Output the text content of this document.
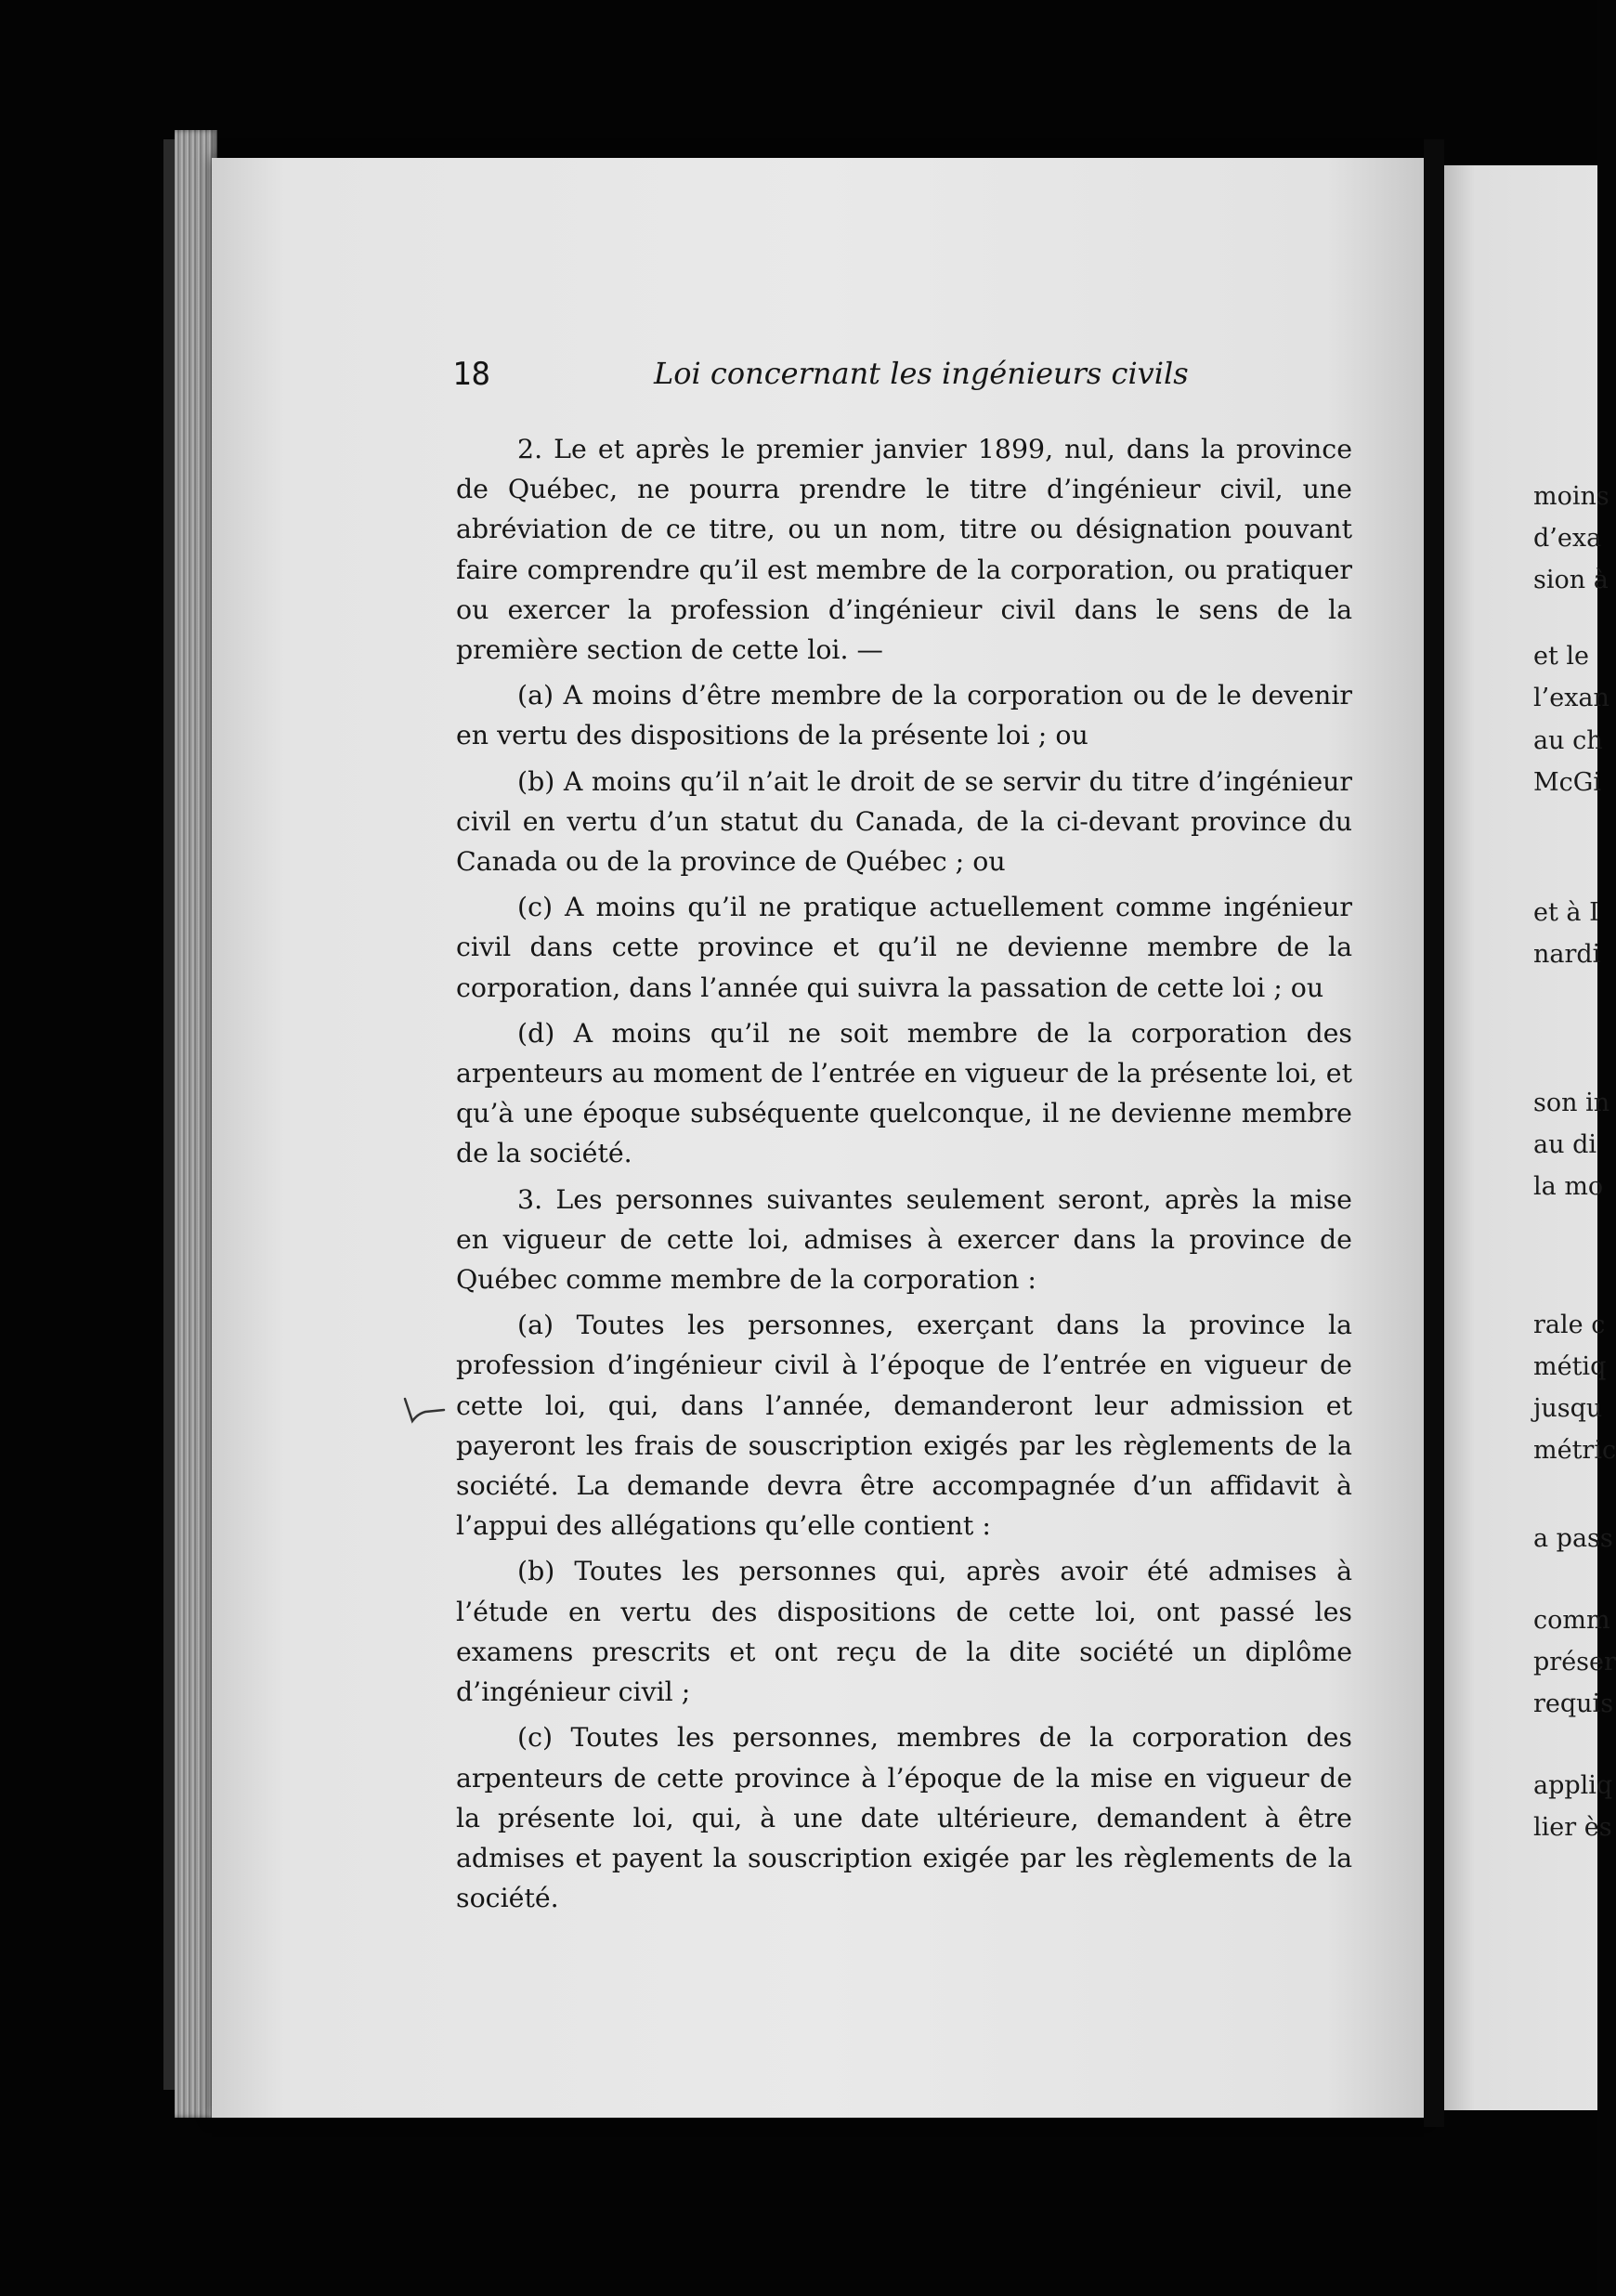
moins
d’exa
sion à
et le
l’exan
au ch
McGi
et à I
nardi
son in
au di
la mo
rale c
métiq
jusqu
métric
a pass
comm
préser
requis
appliq
lier ès
18	Loi concernant les ingénieurs civils

2. Le et après le premier janvier 1899, nul, dans la province de Québec, ne pourra prendre le titre d’ingénieur civil, une abréviation de ce titre, ou un nom, titre ou désignation pouvant faire comprendre qu’il est membre de la corporation, ou pratiquer ou exercer la profession d’ingénieur civil dans le sens de la première section de cette loi. —

(a) A moins d’être membre de la corporation ou de le devenir en vertu des dispositions de la présente loi ; ou

(b) A moins qu’il n’ait le droit de se servir du titre d’ingénieur civil en vertu d’un statut du Canada, de la ci-devant province du Canada ou de la province de Québec ; ou

(c) A moins qu’il ne pratique actuellement comme ingénieur civil dans cette province et qu’il ne devienne membre de la corporation, dans l’année qui suivra la passation de cette loi ; ou

(d) A moins qu’il ne soit membre de la corporation des arpenteurs au moment de l’entrée en vigueur de la présente loi, et qu’à une époque subséquente quelconque, il ne devienne membre de la société.

3. Les personnes suivantes seulement seront, après la mise en vigueur de cette loi, admises à exercer dans la province de Québec comme membre de la corporation :

(a) Toutes les personnes, exerçant dans la province la profession d’ingénieur civil à l’époque de l’entrée en vigueur de cette loi, qui, dans l’année, demanderont leur admission et payeront les frais de souscription exigés par les règlements de la société. La demande devra être accompagnée d’un affidavit à l’appui des allégations qu’elle contient :

(b) Toutes les personnes qui, après avoir été admises à l’étude en vertu des dispositions de cette loi, ont passé les examens prescrits et ont reçu de la dite société un diplôme d’ingénieur civil ;

(c) Toutes les personnes, membres de la corporation des arpenteurs de cette province à l’époque de la mise en vigueur de la présente loi, qui, à une date ultérieure, demandent à être admises et payent la souscription exigée par les règlements de la société.
